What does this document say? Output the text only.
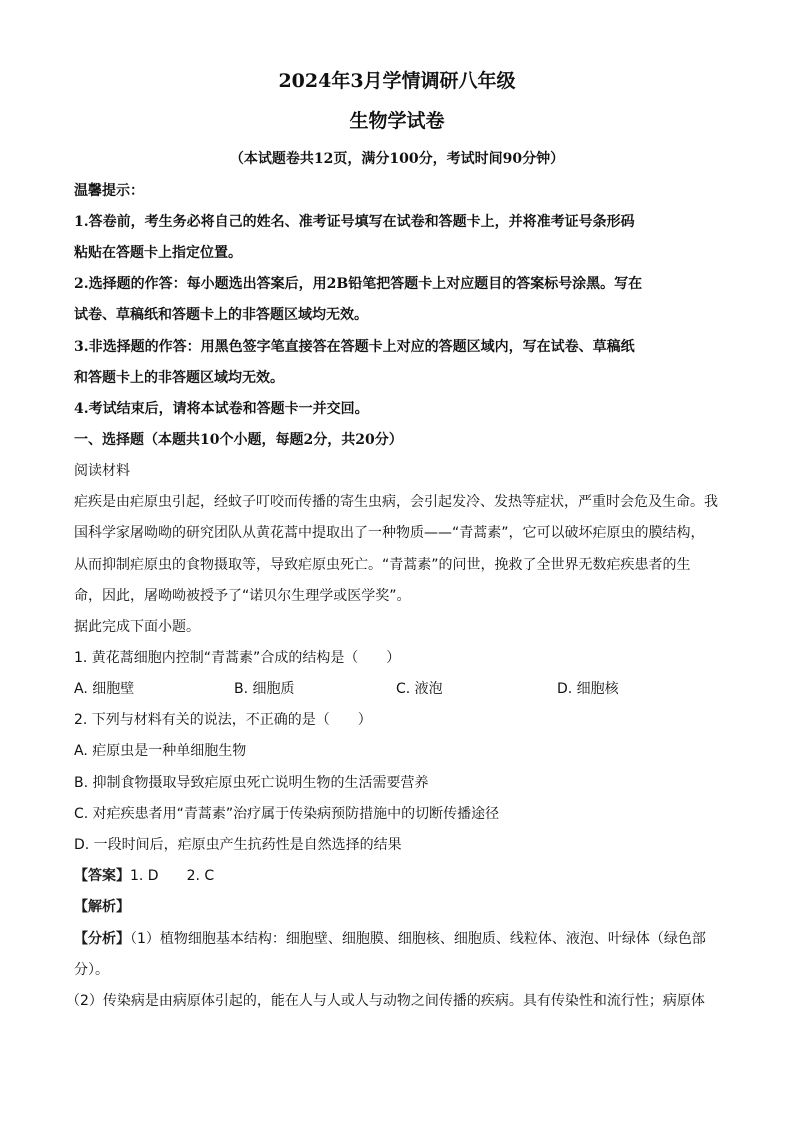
2024年3月学情调研八年级
生物学试卷
（本试题卷共12页，满分100分，考试时间90分钟）
温馨提示：
1.答卷前，考生务必将自己的姓名、准考证号填写在试卷和答题卡上，并将准考证号条形码
粘贴在答题卡上指定位置。
2.选择题的作答：每小题选出答案后，用2B铅笔把答题卡上对应题目的答案标号涂黑。写在
试卷、草稿纸和答题卡上的非答题区域均无效。
3.非选择题的作答：用黑色签字笔直接答在答题卡上对应的答题区域内，写在试卷、草稿纸
和答题卡上的非答题区域均无效。
4.考试结束后，请将本试卷和答题卡一并交回。
一、选择题（本题共10个小题，每题2分，共20分）
阅读材料
疟疾是由疟原虫引起，经蚊子叮咬而传播的寄生虫病，会引起发冷、发热等症状，严重时会危及生命。我
国科学家屠呦呦的研究团队从黄花蒿中提取出了一种物质——“青蒿素”，它可以破坏疟原虫的膜结构，
从而抑制疟原虫的食物摄取等，导致疟原虫死亡。“青蒿素”的问世，挽救了全世界无数疟疾患者的生
命，因此，屠呦呦被授予了“诺贝尔生理学或医学奖”。
据此完成下面小题。
1. 黄花蒿细胞内控制“青蒿素”合成的结构是（　　）
A. 细胞壁	B. 细胞质	C. 液泡	D. 细胞核
2. 下列与材料有关的说法，不正确的是（　　）
A. 疟原虫是一种单细胞生物
B. 抑制食物摄取导致疟原虫死亡说明生物的生活需要营养
C. 对疟疾患者用“青蒿素”治疗属于传染病预防措施中的切断传播途径
D. 一段时间后，疟原虫产生抗药性是自然选择的结果
【答案】1. D　　2. C
【解析】
【分析】（1）植物细胞基本结构：细胞壁、细胞膜、细胞核、细胞质、线粒体、液泡、叶绿体（绿色部
分）。
（2）传染病是由病原体引起的，能在人与人或人与动物之间传播的疾病。具有传染性和流行性；病原体
